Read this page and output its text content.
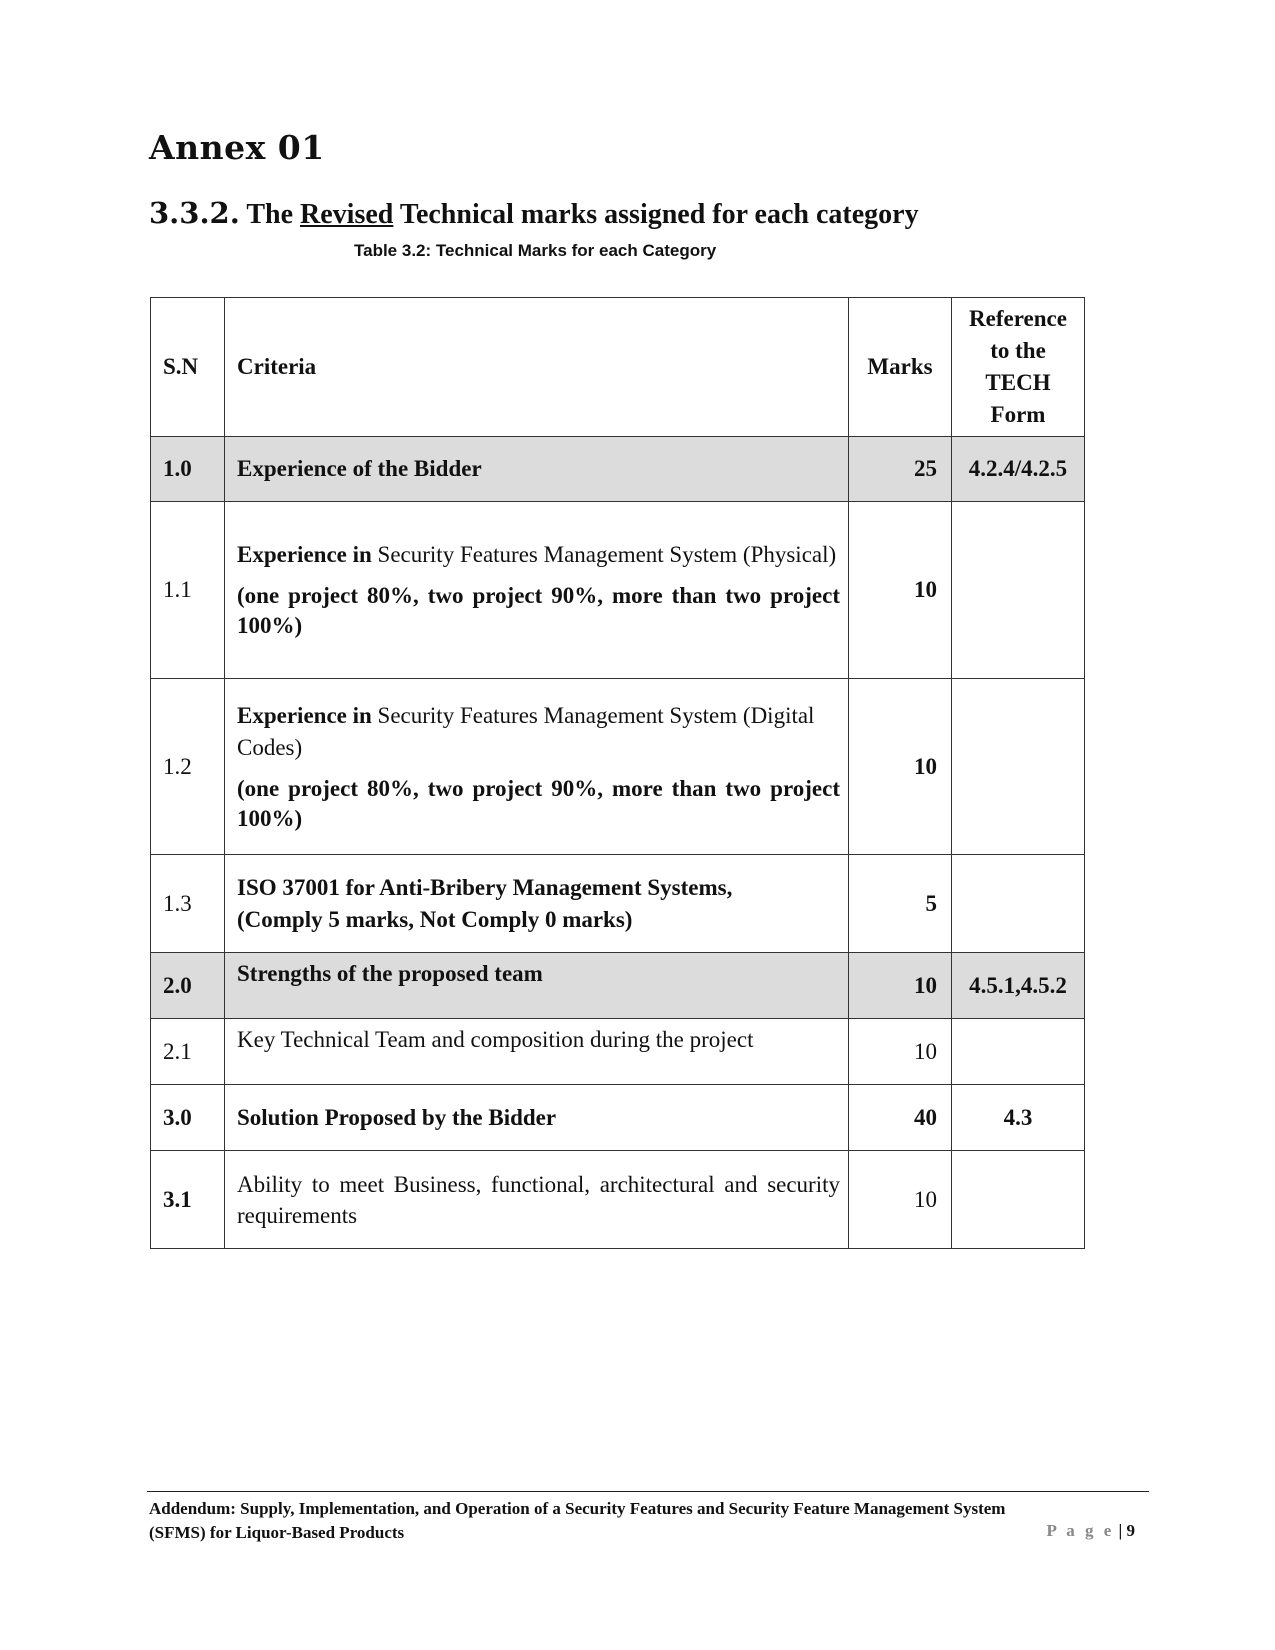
Annex 01
3.3.2. The Revised Technical marks assigned for each category
Table 3.2: Technical Marks for each Category
S.N	Criteria	Marks	Reference
to the
TECH
Form

1.0	Experience of the Bidder	25	4.2.4/4.2.5
1.1	Experience in Security Features Management System (Physical)
(one project 80%, two project 90%, more than two project 100%)	10	
1.2	Experience in Security Features Management System (Digital Codes)
(one project 80%, two project 90%, more than two project 100%)	10	
1.3	ISO 37001 for Anti-Bribery Management Systems,
(Comply 5 marks, Not Comply 0 marks)	5	
2.0	Strengths of the proposed team	10	4.5.1,4.5.2
2.1	Key Technical Team and composition during the project	10	
3.0	Solution Proposed by the Bidder	40	4.3
3.1	Ability to meet Business, functional, architectural and security requirements	10	
Addendum: Supply, Implementation, and Operation of a Security Features and Security Feature Management System
(SFMS) for Liquor-Based Products	P a g e | 9
